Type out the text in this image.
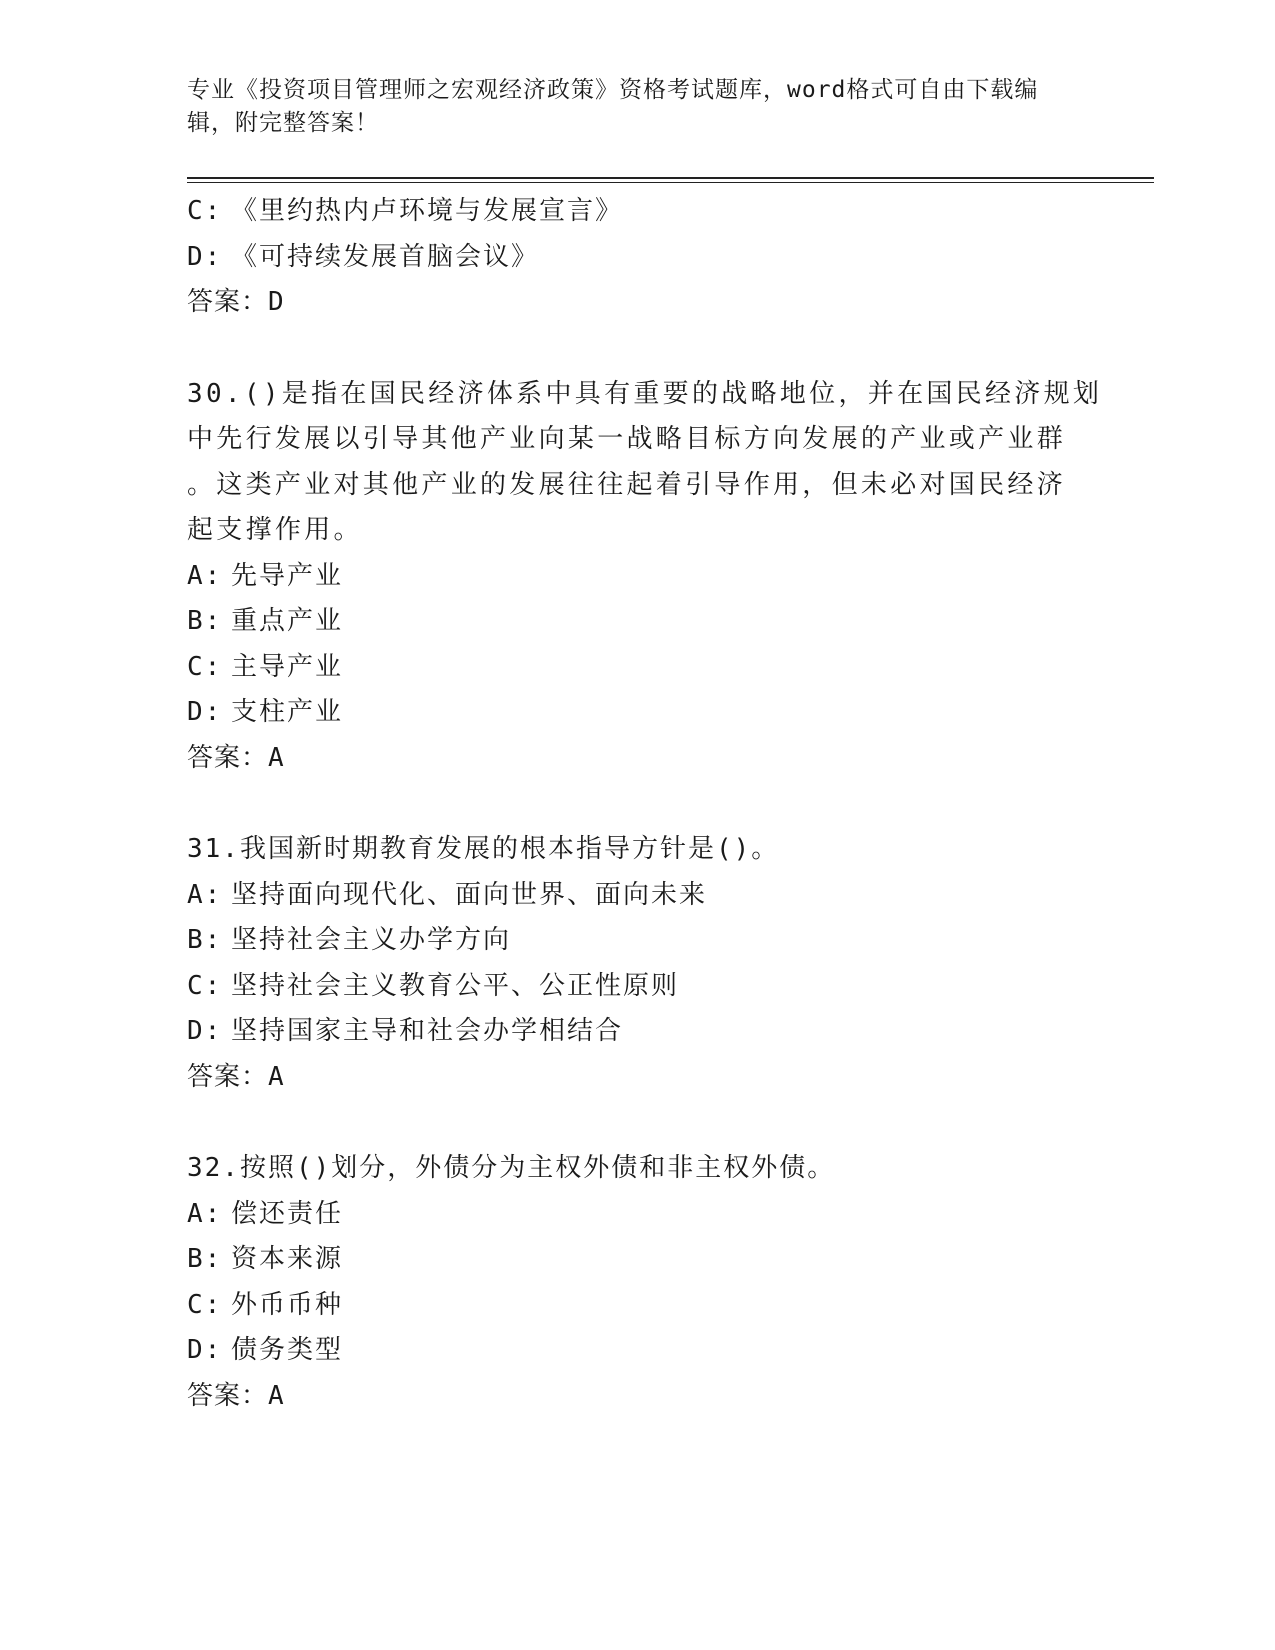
专业《投资项目管理师之宏观经济政策》资格考试题库，word格式可自由下载编
辑，附完整答案！
C: 《里约热内卢环境与发展宣言》
D: 《可持续发展首脑会议》
答案：D
30.()是指在国民经济体系中具有重要的战略地位，并在国民经济规划
中先行发展以引导其他产业向某一战略目标方向发展的产业或产业群
。这类产业对其他产业的发展往往起着引导作用，但未必对国民经济
起支撑作用。
A: 先导产业
B: 重点产业
C: 主导产业
D: 支柱产业
答案：A
31.我国新时期教育发展的根本指导方针是()。
A: 坚持面向现代化、面向世界、面向未来
B: 坚持社会主义办学方向
C: 坚持社会主义教育公平、公正性原则
D: 坚持国家主导和社会办学相结合
答案：A
32.按照()划分，外债分为主权外债和非主权外债。
A: 偿还责任
B: 资本来源
C: 外币币种
D: 债务类型
答案：A
